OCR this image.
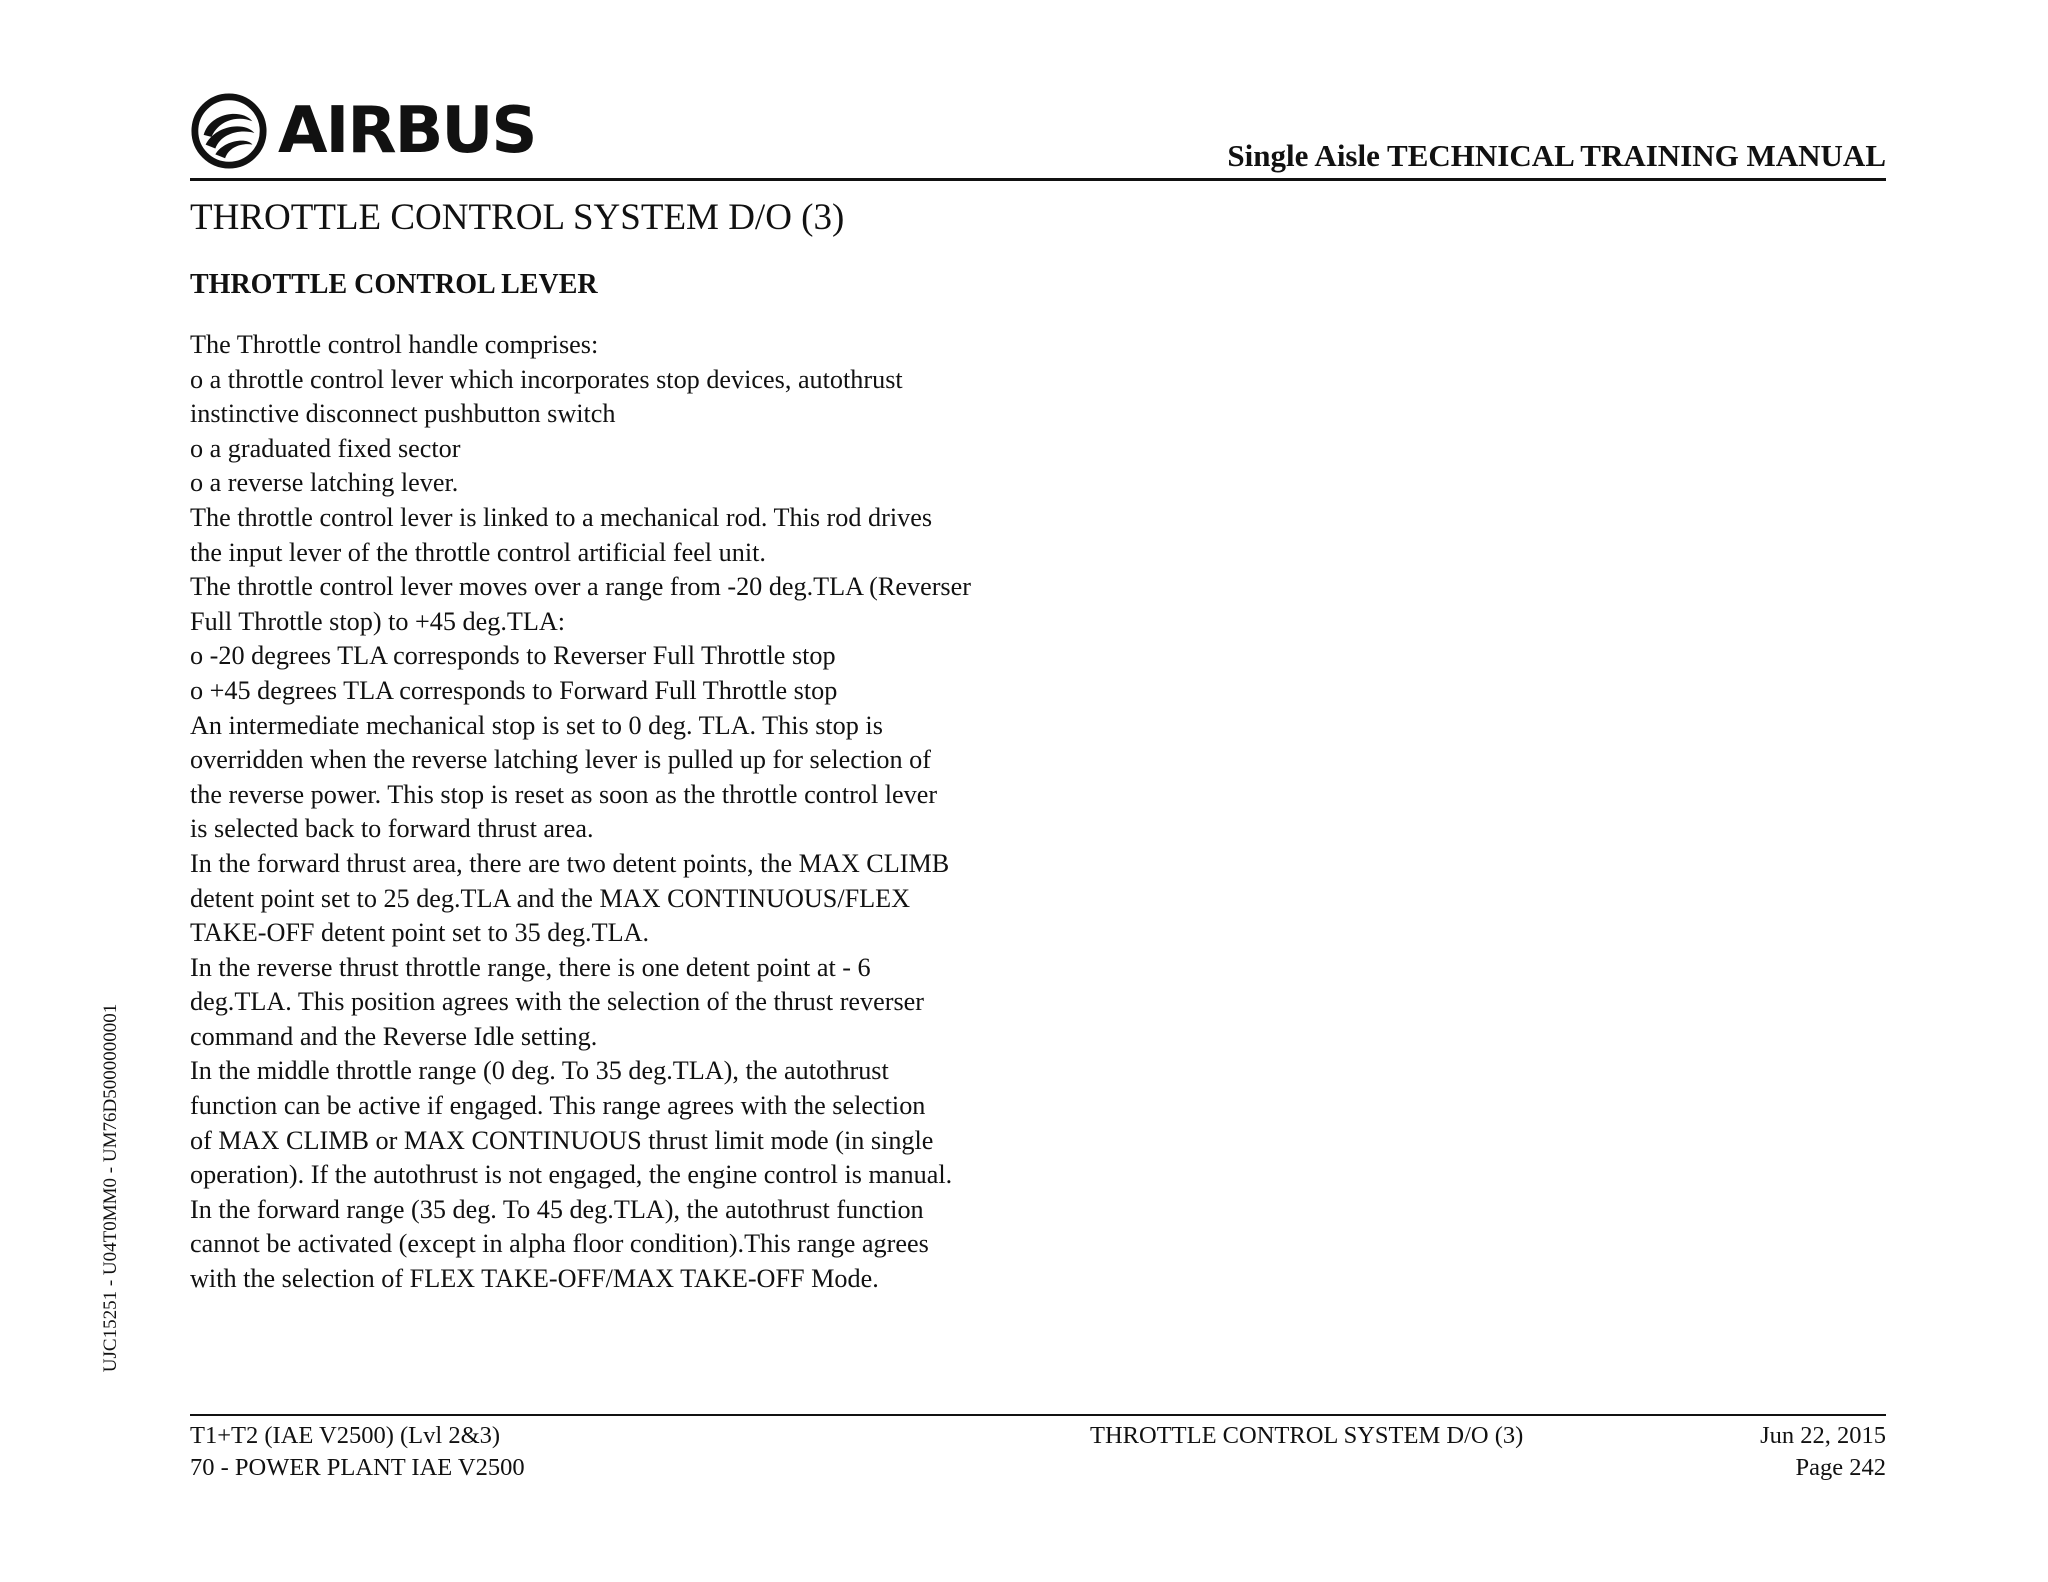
AIRBUS	Single Aisle TECHNICAL TRAINING MANUAL
THROTTLE CONTROL SYSTEM D/O (3)
THROTTLE CONTROL LEVER
The Throttle control handle comprises:
o a throttle control lever which incorporates stop devices, autothrust
instinctive disconnect pushbutton switch
o a graduated fixed sector
o a reverse latching lever.
The throttle control lever is linked to a mechanical rod. This rod drives
the input lever of the throttle control artificial feel unit.
The throttle control lever moves over a range from -20 deg.TLA (Reverser
Full Throttle stop) to +45 deg.TLA:
o -20 degrees TLA corresponds to Reverser Full Throttle stop
o +45 degrees TLA corresponds to Forward Full Throttle stop
An intermediate mechanical stop is set to 0 deg. TLA. This stop is
overridden when the reverse latching lever is pulled up for selection of
the reverse power. This stop is reset as soon as the throttle control lever
is selected back to forward thrust area.
In the forward thrust area, there are two detent points, the MAX CLIMB
detent point set to 25 deg.TLA and the MAX CONTINUOUS/FLEX
TAKE-OFF detent point set to 35 deg.TLA.
In the reverse thrust throttle range, there is one detent point at - 6
deg.TLA. This position agrees with the selection of the thrust reverser
command and the Reverse Idle setting.
In the middle throttle range (0 deg. To 35 deg.TLA), the autothrust
function can be active if engaged. This range agrees with the selection
of MAX CLIMB or MAX CONTINUOUS thrust limit mode (in single
operation). If the autothrust is not engaged, the engine control is manual.
In the forward range (35 deg. To 45 deg.TLA), the autothrust function
cannot be activated (except in alpha floor condition).This range agrees
with the selection of FLEX TAKE-OFF/MAX TAKE-OFF Mode.
UJC15251 - U04T0MM0 - UM76D5000000001
T1+T2 (IAE V2500) (Lvl 2&3)
70 - POWER PLANT IAE V2500
THROTTLE CONTROL SYSTEM D/O (3)	Jun 22, 2015
Page 242
